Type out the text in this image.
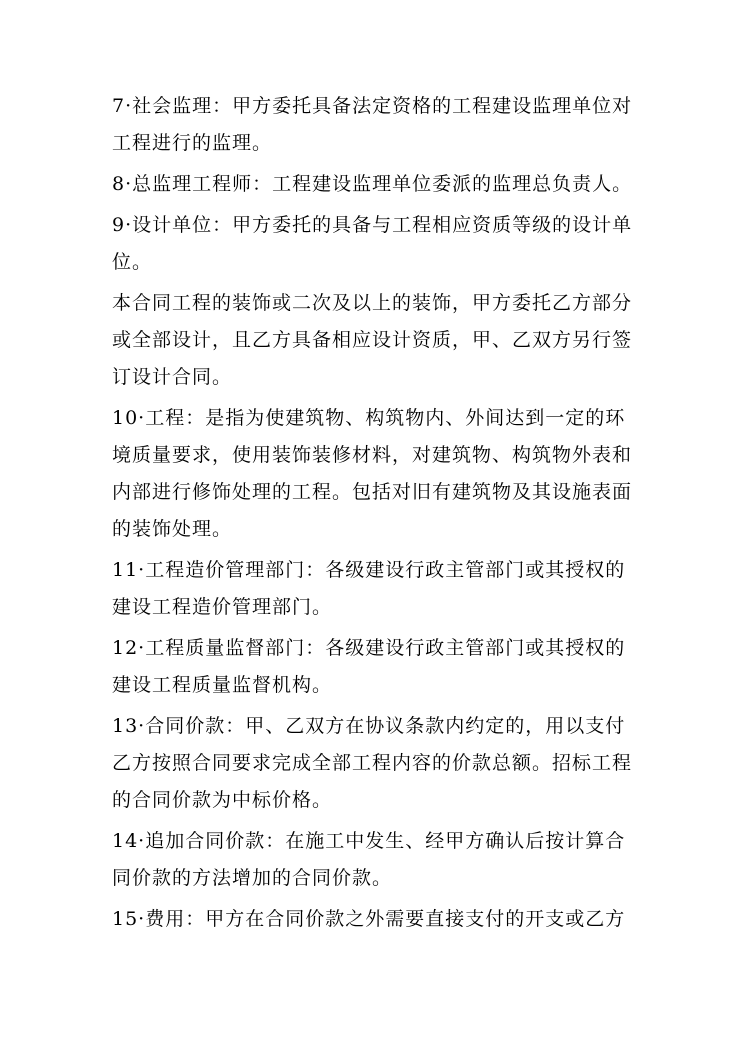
7·社会监理：甲方委托具备法定资格的工程建设监理单位对
工程进行的监理。
8·总监理工程师：工程建设监理单位委派的监理总负责人。
9·设计单位：甲方委托的具备与工程相应资质等级的设计单
位。
本合同工程的装饰或二次及以上的装饰，甲方委托乙方部分
或全部设计，且乙方具备相应设计资质，甲、乙双方另行签
订设计合同。
10·工程：是指为使建筑物、构筑物内、外间达到一定的环
境质量要求，使用装饰装修材料，对建筑物、构筑物外表和
内部进行修饰处理的工程。包括对旧有建筑物及其设施表面
的装饰处理。
11·工程造价管理部门：各级建设行政主管部门或其授权的
建设工程造价管理部门。
12·工程质量监督部门：各级建设行政主管部门或其授权的
建设工程质量监督机构。
13·合同价款：甲、乙双方在协议条款内约定的，用以支付
乙方按照合同要求完成全部工程内容的价款总额。招标工程
的合同价款为中标价格。
14·追加合同价款：在施工中发生、经甲方确认后按计算合
同价款的方法增加的合同价款。
15·费用：甲方在合同价款之外需要直接支付的开支或乙方
